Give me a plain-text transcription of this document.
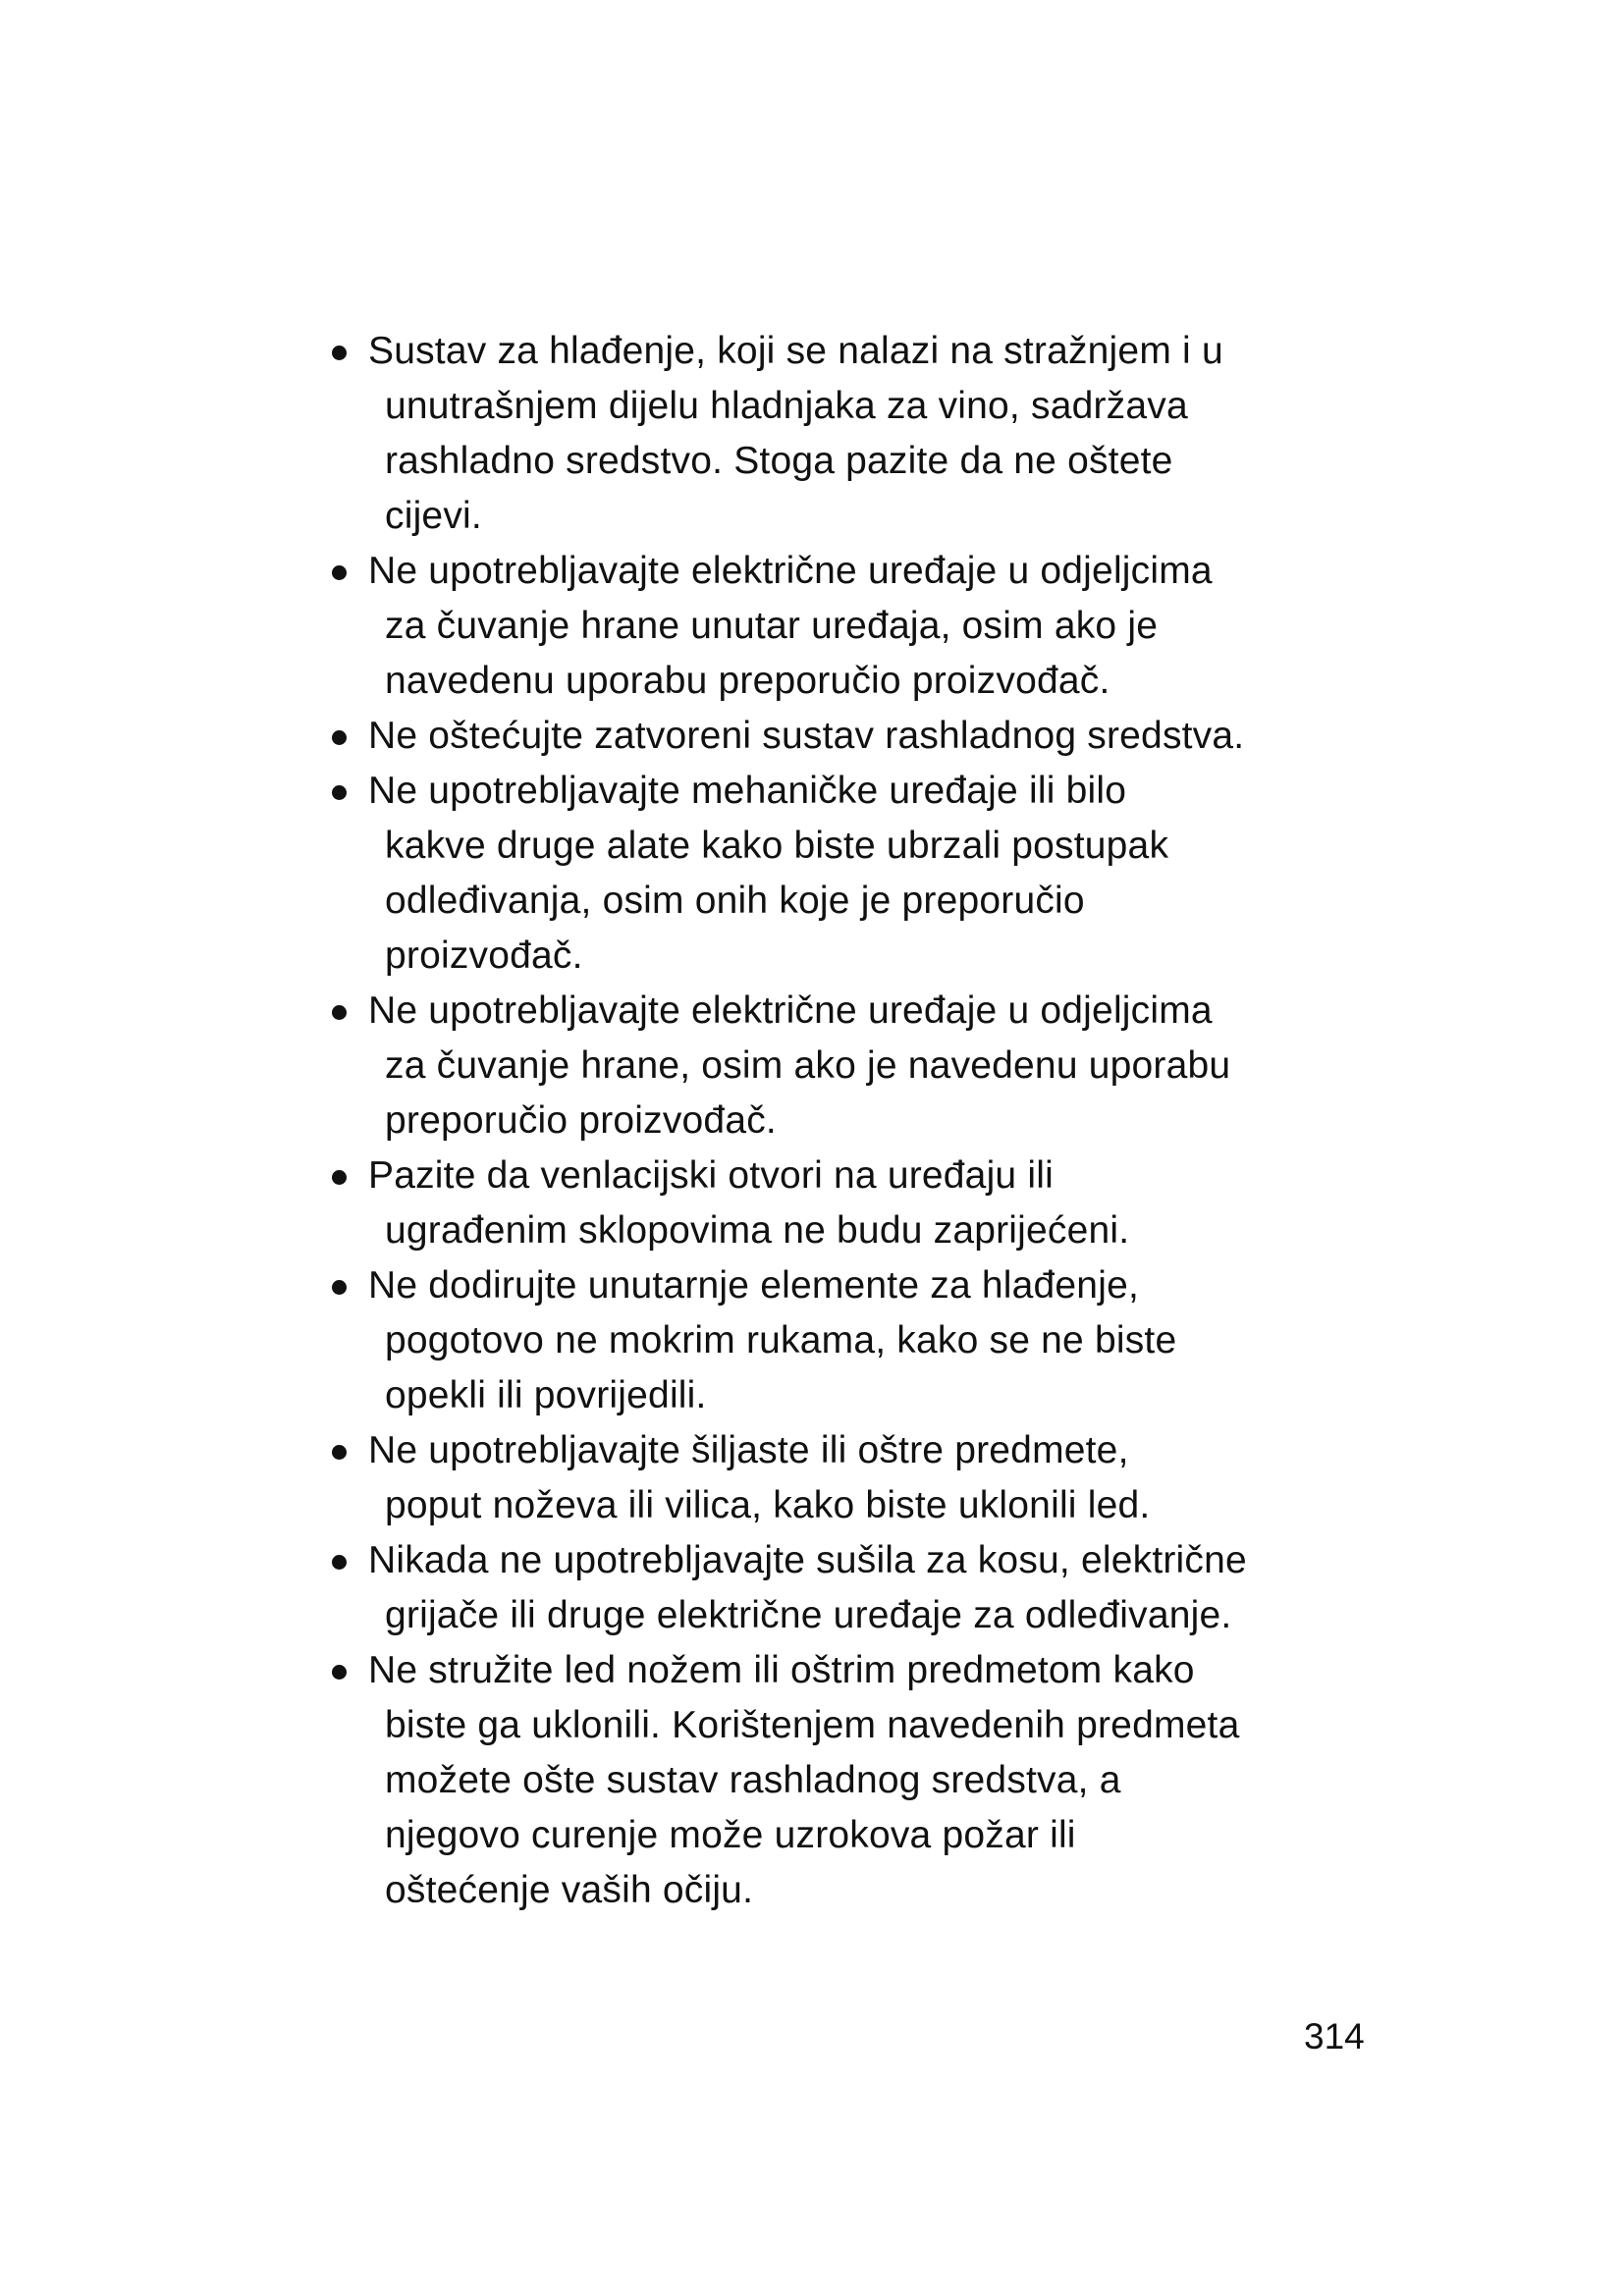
Sustav za hlađenje, koji se nalazi na stražnjem i u
unutrašnjem dijelu hladnjaka za vino, sadržava
rashladno sredstvo. Stoga pazite da ne oštete
cijevi.
Ne upotrebljavajte električne uređaje u odjeljcima
za čuvanje hrane unutar uređaja, osim ako je
navedenu uporabu preporučio proizvođač.
Ne oštećujte zatvoreni sustav rashladnog sredstva.
Ne upotrebljavajte mehaničke uređaje ili bilo
kakve druge alate kako biste ubrzali postupak
odleđivanja, osim onih koje je preporučio
proizvođač.
Ne upotrebljavajte električne uređaje u odjeljcima
za čuvanje hrane, osim ako je navedenu uporabu
preporučio proizvođač.
Pazite da venlacijski otvori na uređaju ili
ugrađenim sklopovima ne budu zaprijećeni.
Ne dodirujte unutarnje elemente za hlađenje,
pogotovo ne mokrim rukama, kako se ne biste
opekli ili povrijedili.
Ne upotrebljavajte šiljaste ili oštre predmete,
poput noževa ili vilica, kako biste uklonili led.
Nikada ne upotrebljavajte sušila za kosu, električne
grijače ili druge električne uređaje za odleđivanje.
Ne stružite led nožem ili oštrim predmetom kako
biste ga uklonili. Korištenjem navedenih predmeta
možete ošte sustav rashladnog sredstva, a
njegovo curenje može uzrokova požar ili
oštećenje vaših očiju.
314
